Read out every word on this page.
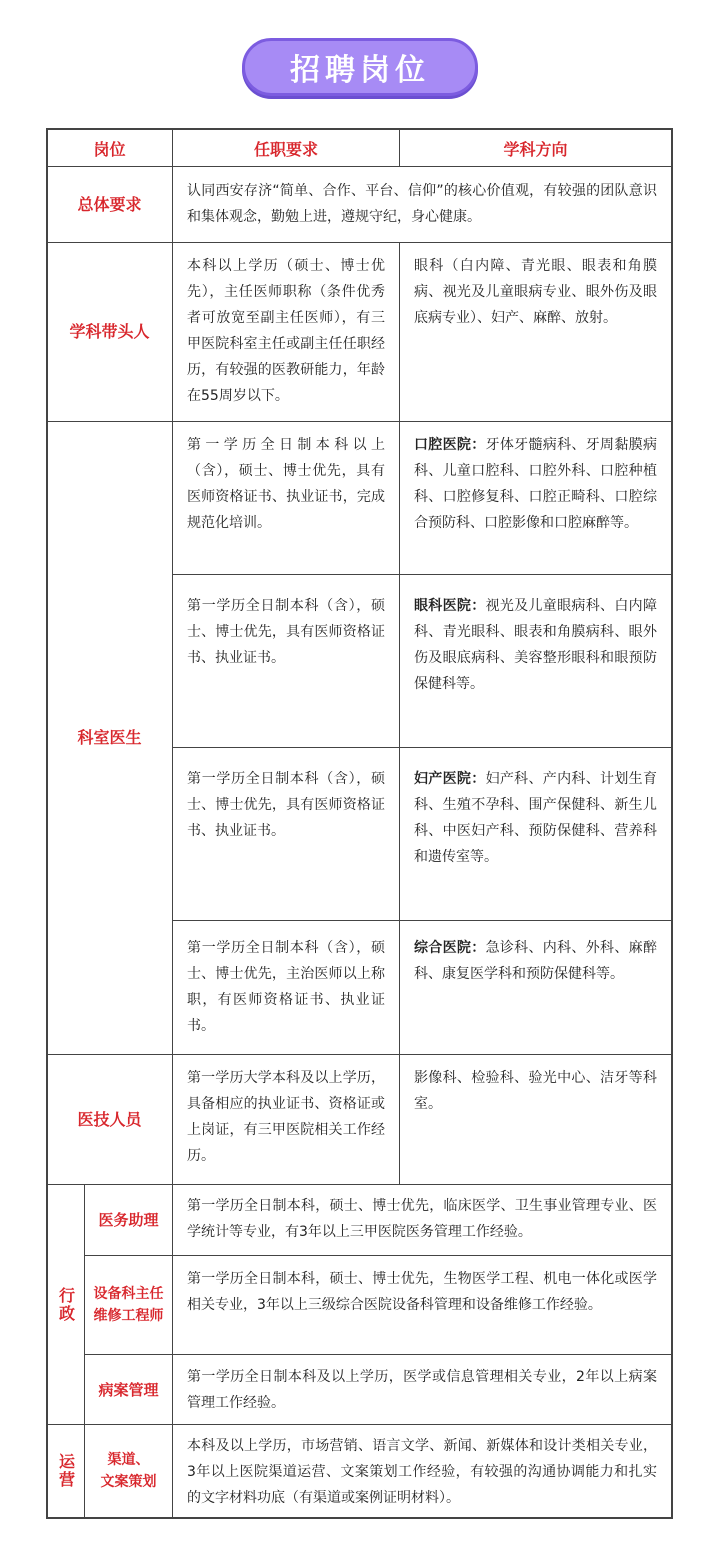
招聘岗位
岗位	任职要求	学科方向
总体要求
认同西安存济“简单、合作、平台、信仰”的核心价值观，有较强的团队意识和集体观念，勤勉上进，遵规守纪，身心健康。
学科带头人
本科以上学历（硕士、博士优先），主任医师职称（条件优秀者可放宽至副主任医师），有三甲医院科室主任或副主任任职经历，有较强的医教研能力，年龄在55周岁以下。
眼科（白内障、青光眼、眼表和角膜病、视光及儿童眼病专业、眼外伤及眼底病专业）、妇产、麻醉、放射。
科室医生
第一学历全日制本科以上（含），硕士、博士优先，具有医师资格证书、执业证书，完成规范化培训。
口腔医院：牙体牙髓病科、牙周黏膜病科、儿童口腔科、口腔外科、口腔种植科、口腔修复科、口腔正畸科、口腔综合预防科、口腔影像和口腔麻醉等。
第一学历全日制本科（含），硕士、博士优先，具有医师资格证书、执业证书。
眼科医院：视光及儿童眼病科、白内障科、青光眼科、眼表和角膜病科、眼外伤及眼底病科、美容整形眼科和眼预防保健科等。
第一学历全日制本科（含），硕士、博士优先，具有医师资格证书、执业证书。
妇产医院：妇产科、产内科、计划生育科、生殖不孕科、围产保健科、新生儿科、中医妇产科、预防保健科、营养科和遗传室等。
第一学历全日制本科（含），硕士、博士优先，主治医师以上称职，有医师资格证书、执业证书。
综合医院：急诊科、内科、外科、麻醉科、康复医学科和预防保健科等。
医技人员
第一学历大学本科及以上学历，具备相应的执业证书、资格证或上岗证，有三甲医院相关工作经历。
影像科、检验科、验光中心、洁牙等科室。
行政
医务助理
第一学历全日制本科，硕士、博士优先，临床医学、卫生事业管理专业、医学统计等专业，有3年以上三甲医院医务管理工作经验。
设备科主任
维修工程师
第一学历全日制本科，硕士、博士优先，生物医学工程、机电一体化或医学相关专业，3年以上三级综合医院设备科管理和设备维修工作经验。
病案管理
第一学历全日制本科及以上学历，医学或信息管理相关专业，2年以上病案管理工作经验。
运营 渠道、
文案策划
本科及以上学历，市场营销、语言文学、新闻、新媒体和设计类相关专业，3年以上医院渠道运营、文案策划工作经验，有较强的沟通协调能力和扎实的文字材料功底（有渠道或案例证明材料）。
